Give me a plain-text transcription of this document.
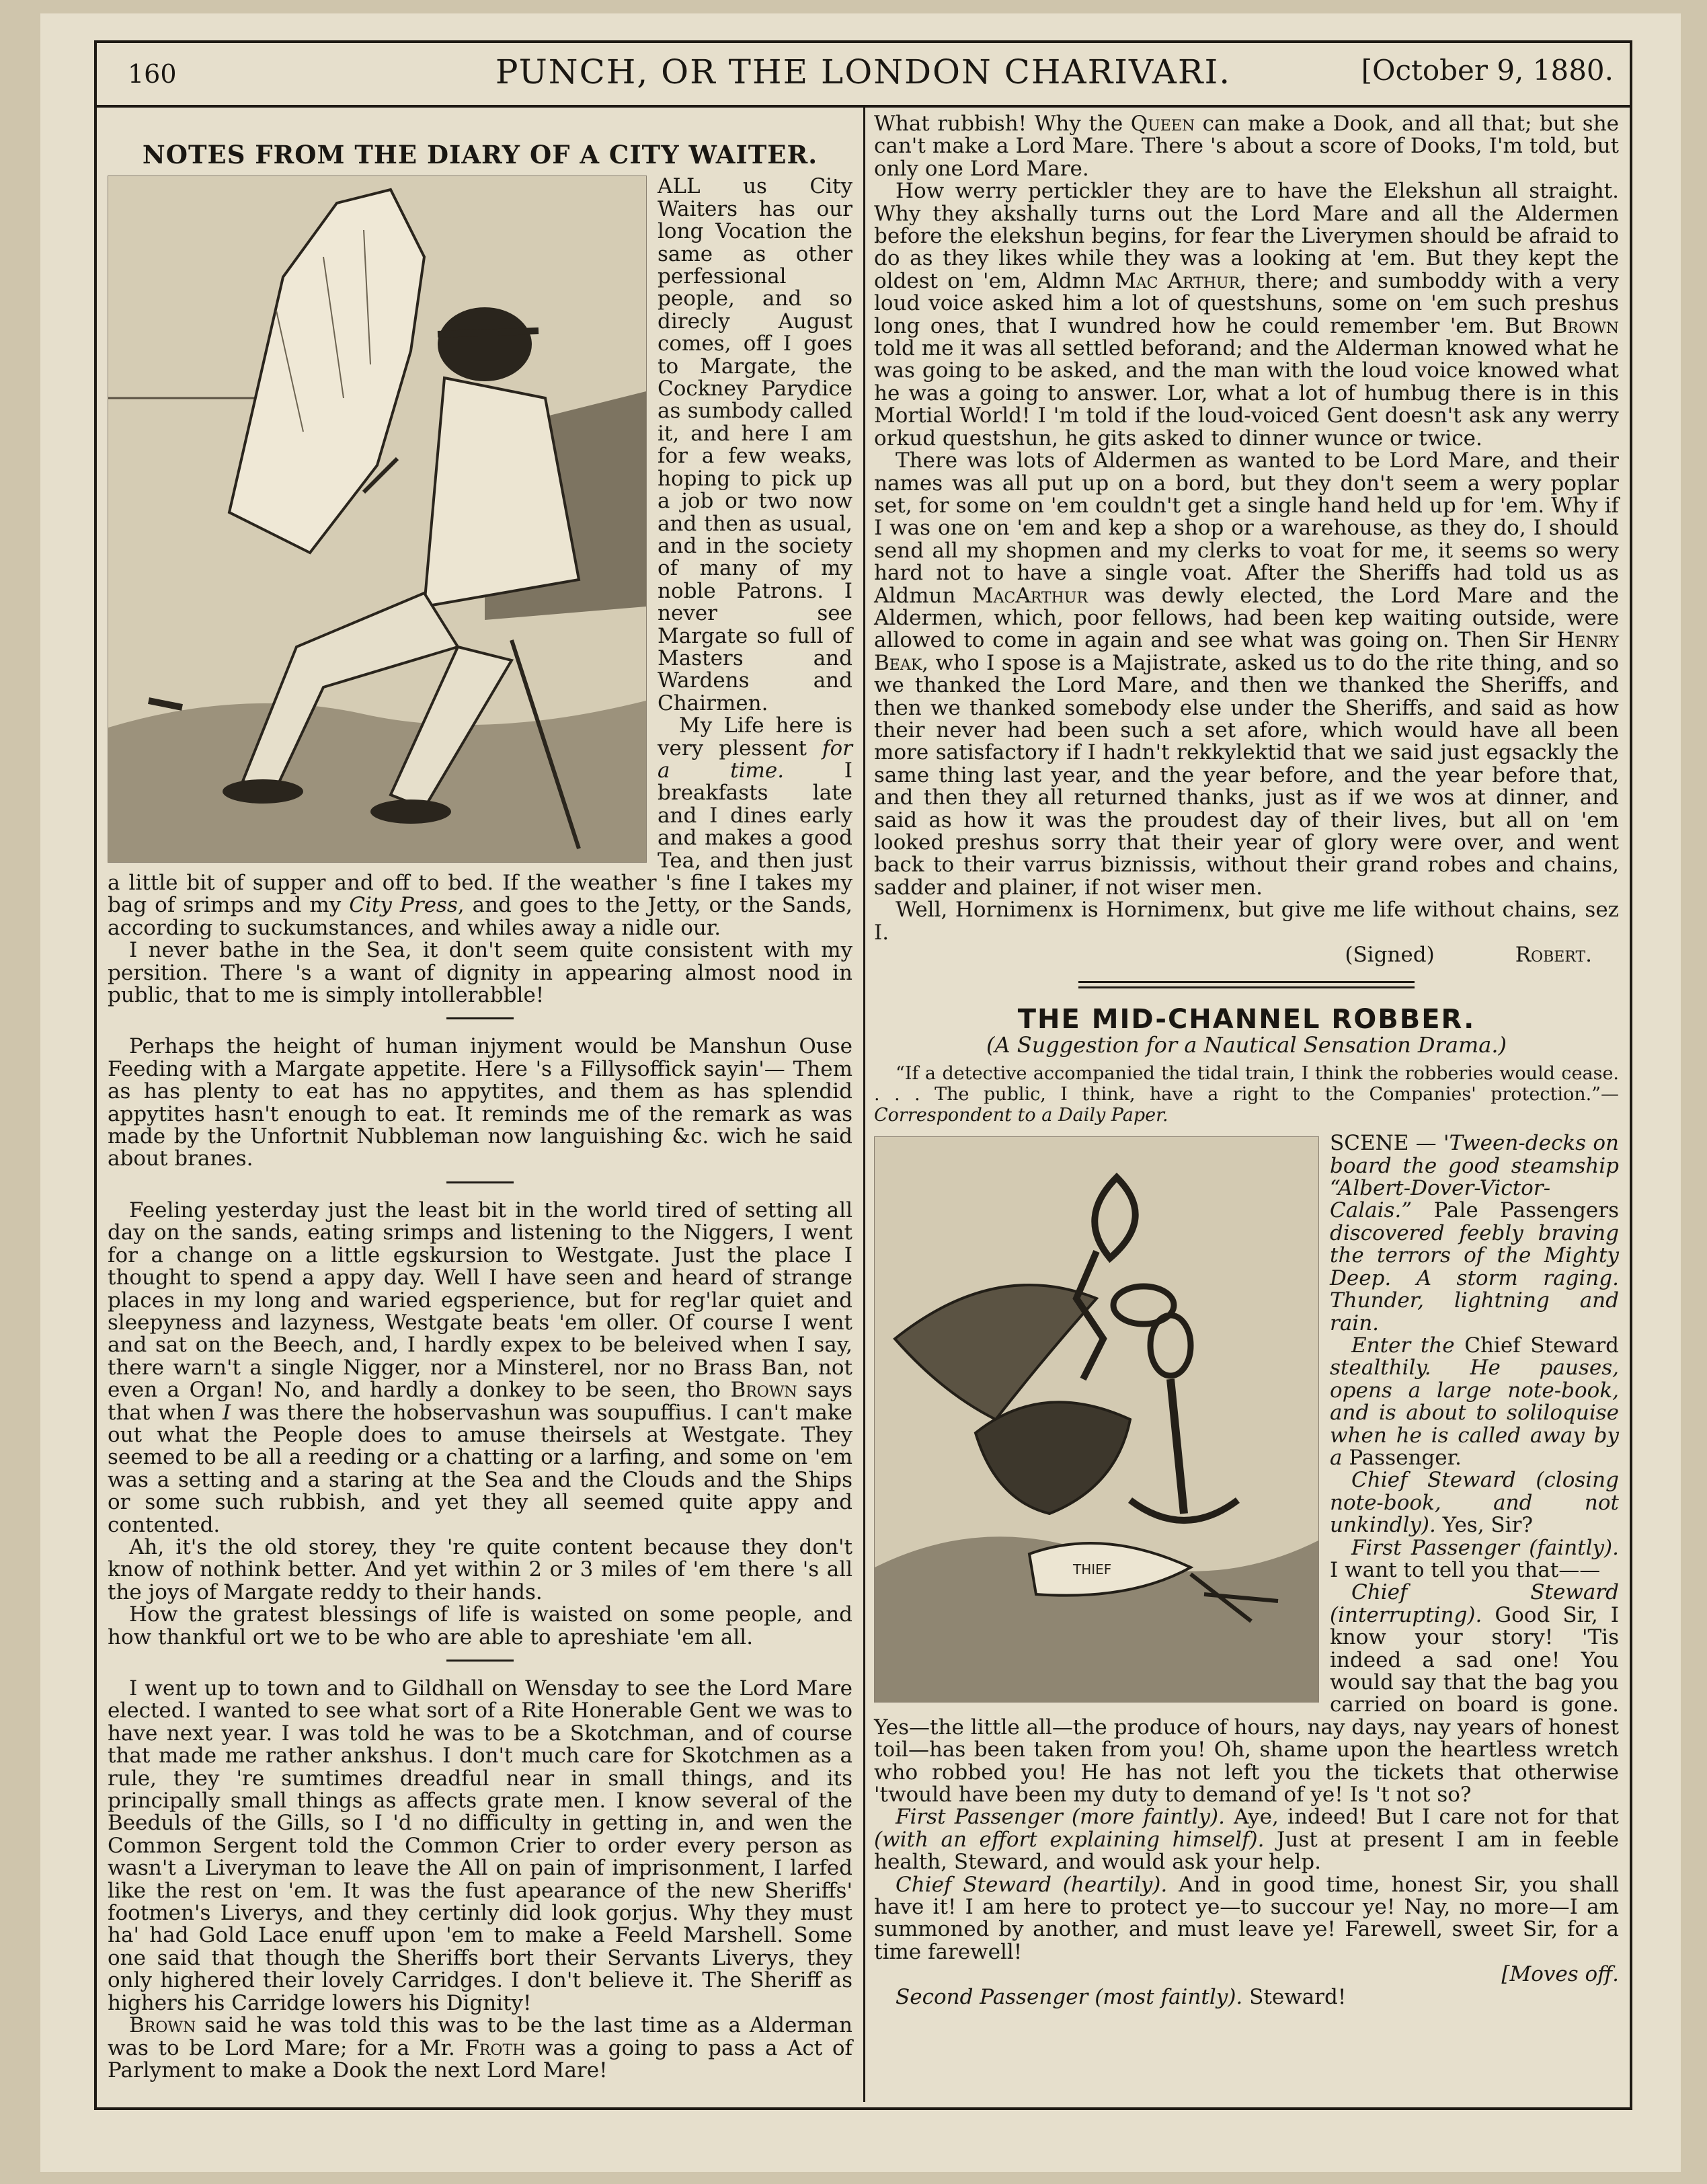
160	PUNCH, OR THE LONDON CHARIVARI.	[October 9, 1880.

NOTES FROM THE DIARY OF A CITY WAITER.

ALL us City Waiters has our long Vocation the same as other perfessional people, and so direcly August comes, off I goes to Margate, the Cockney Parydice as sumbody called it, and here I am for a few weaks, hoping to pick up a job or two now and then as usual, and in the society of many of my noble Patrons. I never see Margate so full of Masters and Wardens and Chairmen.

My Life here is very plessent for a time. I breakfasts late and I dines early and makes a good Tea, and then just a little bit of supper and off to bed. If the weather 's fine I takes my bag of srimps and my City Press, and goes to the Jetty, or the Sands, according to suckumstances, and whiles away a nidle our.

I never bathe in the Sea, it don't seem quite consistent with my persition. There 's a want of dignity in appearing almost nood in public, that to me is simply intollerabble!

Perhaps the height of human injyment would be Manshun Ouse Feeding with a Margate appetite. Here 's a Fillysoffick sayin'— Them as has plenty to eat has no appytites, and them as has splendid appytites hasn't enough to eat. It reminds me of the remark as was made by the Unfortnit Nubbleman now languishing &c. wich he said about branes.

Feeling yesterday just the least bit in the world tired of setting all day on the sands, eating srimps and listening to the Niggers, I went for a change on a little egskursion to Westgate. Just the place I thought to spend a appy day. Well I have seen and heard of strange places in my long and waried egsperience, but for reg'lar quiet and sleepyness and lazyness, Westgate beats 'em oller. Of course I went and sat on the Beech, and, I hardly expex to be beleived when I say, there warn't a single Nigger, nor a Minsterel, nor no Brass Ban, not even a Organ! No, and hardly a donkey to be seen, tho Brown says that when I was there the hobservashun was soupuffius. I can't make out what the People does to amuse theirsels at Westgate. They seemed to be all a reeding or a chatting or a larfing, and some on 'em was a setting and a staring at the Sea and the Clouds and the Ships or some such rubbish, and yet they all seemed quite appy and contented.

Ah, it's the old storey, they 're quite content because they don't know of nothink better. And yet within 2 or 3 miles of 'em there 's all the joys of Margate reddy to their hands.

How the gratest blessings of life is waisted on some people, and how thankful ort we to be who are able to apreshiate 'em all.

I went up to town and to Gildhall on Wensday to see the Lord Mare elected. I wanted to see what sort of a Rite Honerable Gent we was to have next year. I was told he was to be a Skotchman, and of course that made me rather ankshus. I don't much care for Skotchmen as a rule, they 're sumtimes dreadful near in small things, and its principally small things as affects grate men. I know several of the Beeduls of the Gills, so I 'd no difficulty in getting in, and wen the Common Sergent told the Common Crier to order every person as wasn't a Liveryman to leave the All on pain of imprisonment, I larfed like the rest on 'em. It was the fust apearance of the new Sheriffs' footmen's Liverys, and they certinly did look gorjus. Why they must ha' had Gold Lace enuff upon 'em to make a Feeld Marshell. Some one said that though the Sheriffs bort their Servants Liverys, they only highered their lovely Carridges. I don't believe it. The Sheriff as highers his Carridge lowers his Dignity!

Brown said he was told this was to be the last time as a Alderman was to be Lord Mare; for a Mr. Froth was a going to pass a Act of Parlyment to make a Dook the next Lord Mare!

What rubbish! Why the Queen can make a Dook, and all that; but she can't make a Lord Mare. There 's about a score of Dooks, I'm told, but only one Lord Mare.

How werry pertickler they are to have the Elekshun all straight. Why they akshally turns out the Lord Mare and all the Aldermen before the elekshun begins, for fear the Liverymen should be afraid to do as they likes while they was a looking at 'em. But they kept the oldest on 'em, Aldmn Mac Arthur, there; and sumboddy with a very loud voice asked him a lot of questshuns, some on 'em such preshus long ones, that I wundred how he could remember 'em. But Brown told me it was all settled beforand; and the Alderman knowed what he was going to be asked, and the man with the loud voice knowed what he was a going to answer. Lor, what a lot of humbug there is in this Mortial World! I 'm told if the loud-voiced Gent doesn't ask any werry orkud questshun, he gits asked to dinner wunce or twice.

There was lots of Aldermen as wanted to be Lord Mare, and their names was all put up on a bord, but they don't seem a wery poplar set, for some on 'em couldn't get a single hand held up for 'em. Why if I was one on 'em and kep a shop or a warehouse, as they do, I should send all my shopmen and my clerks to voat for me, it seems so wery hard not to have a single voat. After the Sheriffs had told us as Aldmun MacArthur was dewly elected, the Lord Mare and the Aldermen, which, poor fellows, had been kep waiting outside, were allowed to come in again and see what was going on. Then Sir Henry Beak, who I spose is a Majistrate, asked us to do the rite thing, and so we thanked the Lord Mare, and then we thanked the Sheriffs, and then we thanked somebody else under the Sheriffs, and said as how their never had been such a set afore, which would have all been more satisfactory if I hadn't rekkylektid that we said just egsackly the same thing last year, and the year before, and the year before that, and then they all returned thanks, just as if we wos at dinner, and said as how it was the proudest day of their lives, but all on 'em looked preshus sorry that their year of glory were over, and went back to their varrus biznissis, without their grand robes and chains, sadder and plainer, if not wiser men.

Well, Hornimenx is Hornimenx, but give me life without chains, sez I.

(Signed)	Robert.

THE MID-CHANNEL ROBBER.

(A Suggestion for a Nautical Sensation Drama.)

“If a detective accompanied the tidal train, I think the robberies would cease. . . . The public, I think, have a right to the Companies' protection.”— Correspondent to a Daily Paper.

THIEF

SCENE — 'Tween-decks on board the good steamship “Albert-Dover-Victor-Calais.” Pale Passengers discovered feebly braving the terrors of the Mighty Deep. A storm raging. Thunder, lightning and rain.

Enter the Chief Steward stealthily. He pauses, opens a large note-book, and is about to soliloquise when he is called away by a Passenger.

Chief Steward (closing note-book, and not unkindly). Yes, Sir?

First Passenger (faintly). I want to tell you that——

Chief Steward (interrupting). Good Sir, I know your story! 'Tis indeed a sad one! You would say that the bag you carried on board is gone. Yes—the little all—the produce of hours, nay days, nay years of honest toil—has been taken from you! Oh, shame upon the heartless wretch who robbed you! He has not left you the tickets that otherwise 'twould have been my duty to demand of ye! Is 't not so?

First Passenger (more faintly). Aye, indeed! But I care not for that (with an effort explaining himself). Just at present I am in feeble health, Steward, and would ask your help.

Chief Steward (heartily). And in good time, honest Sir, you shall have it! I am here to protect ye—to succour ye! Nay, no more—I am summoned by another, and must leave ye! Farewell, sweet Sir, for a time farewell!

[Moves off.

Second Passenger (most faintly). Steward!
